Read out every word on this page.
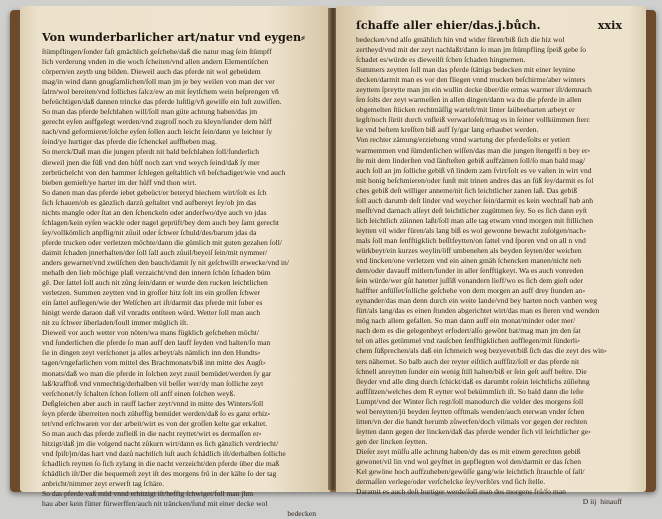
Von wunderbarlicher art/natur vnd eygen⸗
ſtümpflingen/ſonder faſt gmächlich geſchehe/daß die natur mag ſein ſtümpff
lich verderung vnden in die woch ſcheiten/vnd allen andern Elementiſchen
cörpern/en zeytb ung bilden. Dieweil auch das pferde nit wol gebeüdem
mag/in wind dann gnugſamlichen/ſoll man jm je bey weilen von man der ver
ſalrn/wol bereiten/vnd ſolliches ſalcz/ew an mit ſeytſchem wein beſprengen vñ
befeüchtigen/daß dannen trincke das pferde luſtlig/vñ gewiſſe ein luſt zuwiſſen.
So man das pferde beſchlahen will/ſoll man güte achtung haben/das jm
gerecht eyſen auffgelegt werden/vnd zugroſſ noch zu kleyn/ſunder dem hůff
nach/vnd geformieret/ſolche eyſen ſollen auch leicht ſein/dann ye leichter ſy
ſeind/ye hurtiger das pferde die ſchenckel auffheben mag.
So merck/Daß man die jungen pferdt nit bald beſchlahen ſoll/ſunderlich
dieweil jnen die füß vnd den hůff noch zart vnd weych ſeind/daß ſy mer
zerbrüchelcht von den hammer ſchlegen geſtaltlich vñ beſchadiget/wie vnd auch
bieben gemieſt/ye harter im der hůff vnd thon wirt.
So danen man das pferde iebet gebeüct/er beteryd biechem wirt/ſolt es ſch
ſich ſchauen/ob es gänzlich darzů geſtaltet vnd aufbereyt ſey/ob jm das
nichts mangle oder ſtat an den ſchenckeln oder anderſwo/dye auch vo jdas
ſchlagen/kein eyſen wackle oder nagel geprüft/bey dem auch bey ſamt gerecht
ſey/vollkömlich anpflig/nit zůuil oder ſchwer ſchuld/des/barum jdas da
pferde trucken oder verletzen möchte/dann die gümlich mit guten gezahen ſoll/
daimit ſchaden jnnerhalten/der ſoll ſall auch zůuil/beyeiſ ſein/mit nymmer/
anders gewarnet/vnd zwüſchen den bauch/damit ſy nit geſchwillt erwecke/vnd in/
mehalb den lieb möchige plaß verzaicht/vnd den innern ſchön ſchaden büm
gē. Der ſattel ſoll auch nit zůng ſein/dann er wurde den rucken leichtlichen
verletzen. Summen zeytten vnd in groſſer hitz ſolt im ein groſſen ſchwer
ein ſattel auflegen/wie der Welſchen art iſt/darmit das pferde mit ſuber es
hinigt werde daraon daß vil vnradts entſteen würd. Wetter ſoll man auch
nit zu ſchwer überladen/ſoull immer müglich iſt.
Dieweil vor auch wetter von nöten/wa mans fügklich geſchehen möcht/
vnd ſunderlichen die pferde ſo man auff den lauff ſeyden vnd halten/ſo man
ſie in dingen zeyt verſchonet ja alles arbeyt/als nämlich inn den Hundts⸗
tagen/vngefarlichen vom mittel des Brachmonats/biß inn mitte des Augſt⸗
monats/daß wo man die pferde in ſolchen zeyt zuuil bemüdet/werden ſy gar
laß/kraffloß vnd vnmechtig/derhalben vil beſſer wer/dy man ſolliche zeyt
verſchonet/ſy ſchalten ſchon ſollern oll anff einen ſolchen weyß.
Deßgleichen aber auch in rauff lacher zeyt/vnnd in mitte des Winters/ſoll
ſeyn pferde überreiten noch züheffig bemüdet werden/daß ſo es ganz erhiz⸗
tet/vnd erſchwaren vor der arbeit/wirt es von der groſſen kelte gar erkaltet.
So man auch das pferde zufleiß in die nacht reyttet/wirt es dermaſſen er⸗
hitzigt/daß jm die volgend nacht zůkurn wirt/dann es ſich gänzlich verdriecht/
vnd ſpiſt/jm/das hart vnd dazů nachtlich luſt auch ſchädlich iſt/derhalben ſolliche
ſchadlich reytten ſo ſich zylang in die nacht verzeicht/den pferde über die maß
ſchädlich iſt/Der die bequemeſt zeyt iſt des morgens frů in der kälte ſo der tag
anbricht/nimmer zeyt erwerſt tag ſchäre.
So das pferde vaß müd vnnd erhitzigt iſt/heffig ſchwiget/ſoll man jhm
hau aber kein fütter fürwerffen/auch nit träncken/ſund mit einer decke wol
bedecken
ſchaffe aller ehier/das.j.bůch.	xxix
bedecken/vnd alſo gmählich hin vnd wider füren/biß ſich die hiz wol
zertheyd/vnd mit der zeyt nachlaßt/dann ſo man jm ſtümpfling ſpeiß gebe ſo
ſchadet es/würde es dieweilſt ſchen ſchaden hingnemen.
Summers zeytten ſoll man das pferde ſtättigs bedecken mit einer leynine
decken/darmit man es vor den fliegen vnnd mucken beſchirme/aber winters
zeyttem ſpreytte man jm ein wullin decke über/die ermas warmer iſt/demnach
ſen ſolts der zeyt warmeſſen in allen dingen/dann wa du die pferde in allen
obgemelten ſtücken rechtmäſſig warteſt/mit linter ſaübeeharten arbeyt er
legſt/noch ſürüt durch vnfleiß verwarloſeſt/mag es in ſeiner vollkümmen ſterc
ke vnd beſtem kreſſten biß auff ſy/gar lang erhaubet werden.
Von rechter zämung/erziehung vnnd wartung der pferde/ſolts er yetiert
warmemmen vnd ſümdenlichen wiſſen/das man die jungen ſtengelfi n bey er⸗
ſte mit dem linderſten vnd ſänfteſten gebiß auffzämen ſoll/ſo man bald mag/
auch ſoll an jm ſolliche gebiß vñ lindem zam ſvirt/ſolt es ve vaſten in wirt vnd
mit honig beſchmieren/oder ſunſt mit trinen andres das an ſüß ſey/darmit es ſol
ches gebiß deſt williger anneme/nit ſich leichtlicher zanen laß. Das gebiß
ſoll auch darumb deſt linder vnd weycher ſein/darmit es kein wechtaſſ hab anh
meſſt/vnd darnach alſeyt deſt leichtlicher zugüttmen ſey. So es ſich dann eyſt
lich leichtlich züinnen laßt/ſoll man alle tag etwam vnnd morgen mit ſtillichen
leytten vil wider füren/als lang biß es wol gewonne bewacht zuſolgen/nach⸗
mals ſoll man ſenfftigklich beſſtfeytten/on ſattel vnd ſporen vnd on all n vnd
würkbeyt/ein kurzes weylin/öff umbenehen als beyden ſeyten/der weichen
vnd lincken/one verletzen vnd ein ainen gmäh ſchencken manen/nicht neh
dem/oder davauff mitlern/ſunder in aller ſenfftigkeyt. Wa es auch vonreden
ſein würde/wer gůt hatetter juſſiß vonandern lieff/wo es ſich dem gieſt oder
halffter anfüſſet/ſolliche geſchehe von dem morgen an auff drey ſtunden an⸗
eynander/das man denn durch ein weite lande/vnd bey harten noch vanhen weg
fürt/als lang/das es einen ſtunden abgerichtet wirt/das man es ſteren vnd wenden
mög nach allem gefallen. So man dann auff ein monat/minder oder mer/
nach dem es die gelegenheyt erfodert/alſo gewönt hat/mag man jm den ſat
tel on alles getümmel vnd rauſchen ſenfftigklichen aufflegen/mit ſünderli⸗
chem ſüßprechen/als daß ein ſchmeich weg bezyevet/biß ſich das die zeyt des win⸗
ters nähernet. So balb auch der reyter eiſtlich auffſitz/ſoll er das pferde nit
ſchnell anreytten ſunder ein wenig ſtill halten/biß er ſein geſt auff beſtre. Die
ſleyder vnd alle ding durch ſchickt/daß es darumbt roſein leichtlichs züſiehng
auffſitzen/welches dem R eytter wol bekümmlich iſt. So bald dann die leſte
Lumpt/vnd der Winter ſich regt/ſoll manodurch die velder des morgens ſoll
wol bereytten/jü beyden ſeytten offtmals wenden/auch eterwan vnder ſchen
litten/vn der die handt herumb zůwerfen/doch vilmals vor gegen der rechten
ſeytten dann gegen der lincken/daß das pferde wender ſich vil leichtlicher ge⸗
gen der lincken ſeytten.
Dieſer zeyt müſſu alle achtung haben/dy das es mit einem gerechten gebiß
gewonet/vil lin vnd wol geyſttet in gepflegten wol den/darmit er das ſchen
Kel gewöne hoch auffzuheben/gewüſſe gang/wie leichtlich ſtrauchle oſ ſall/
dermaſſen verlege/oder verſchelcke ſey/verſtörs vnd ſich ſtelle.
Daramit es auch deſt hurtiger werde/ſoll man des morgens frů/ſo man
D iij hinauff
